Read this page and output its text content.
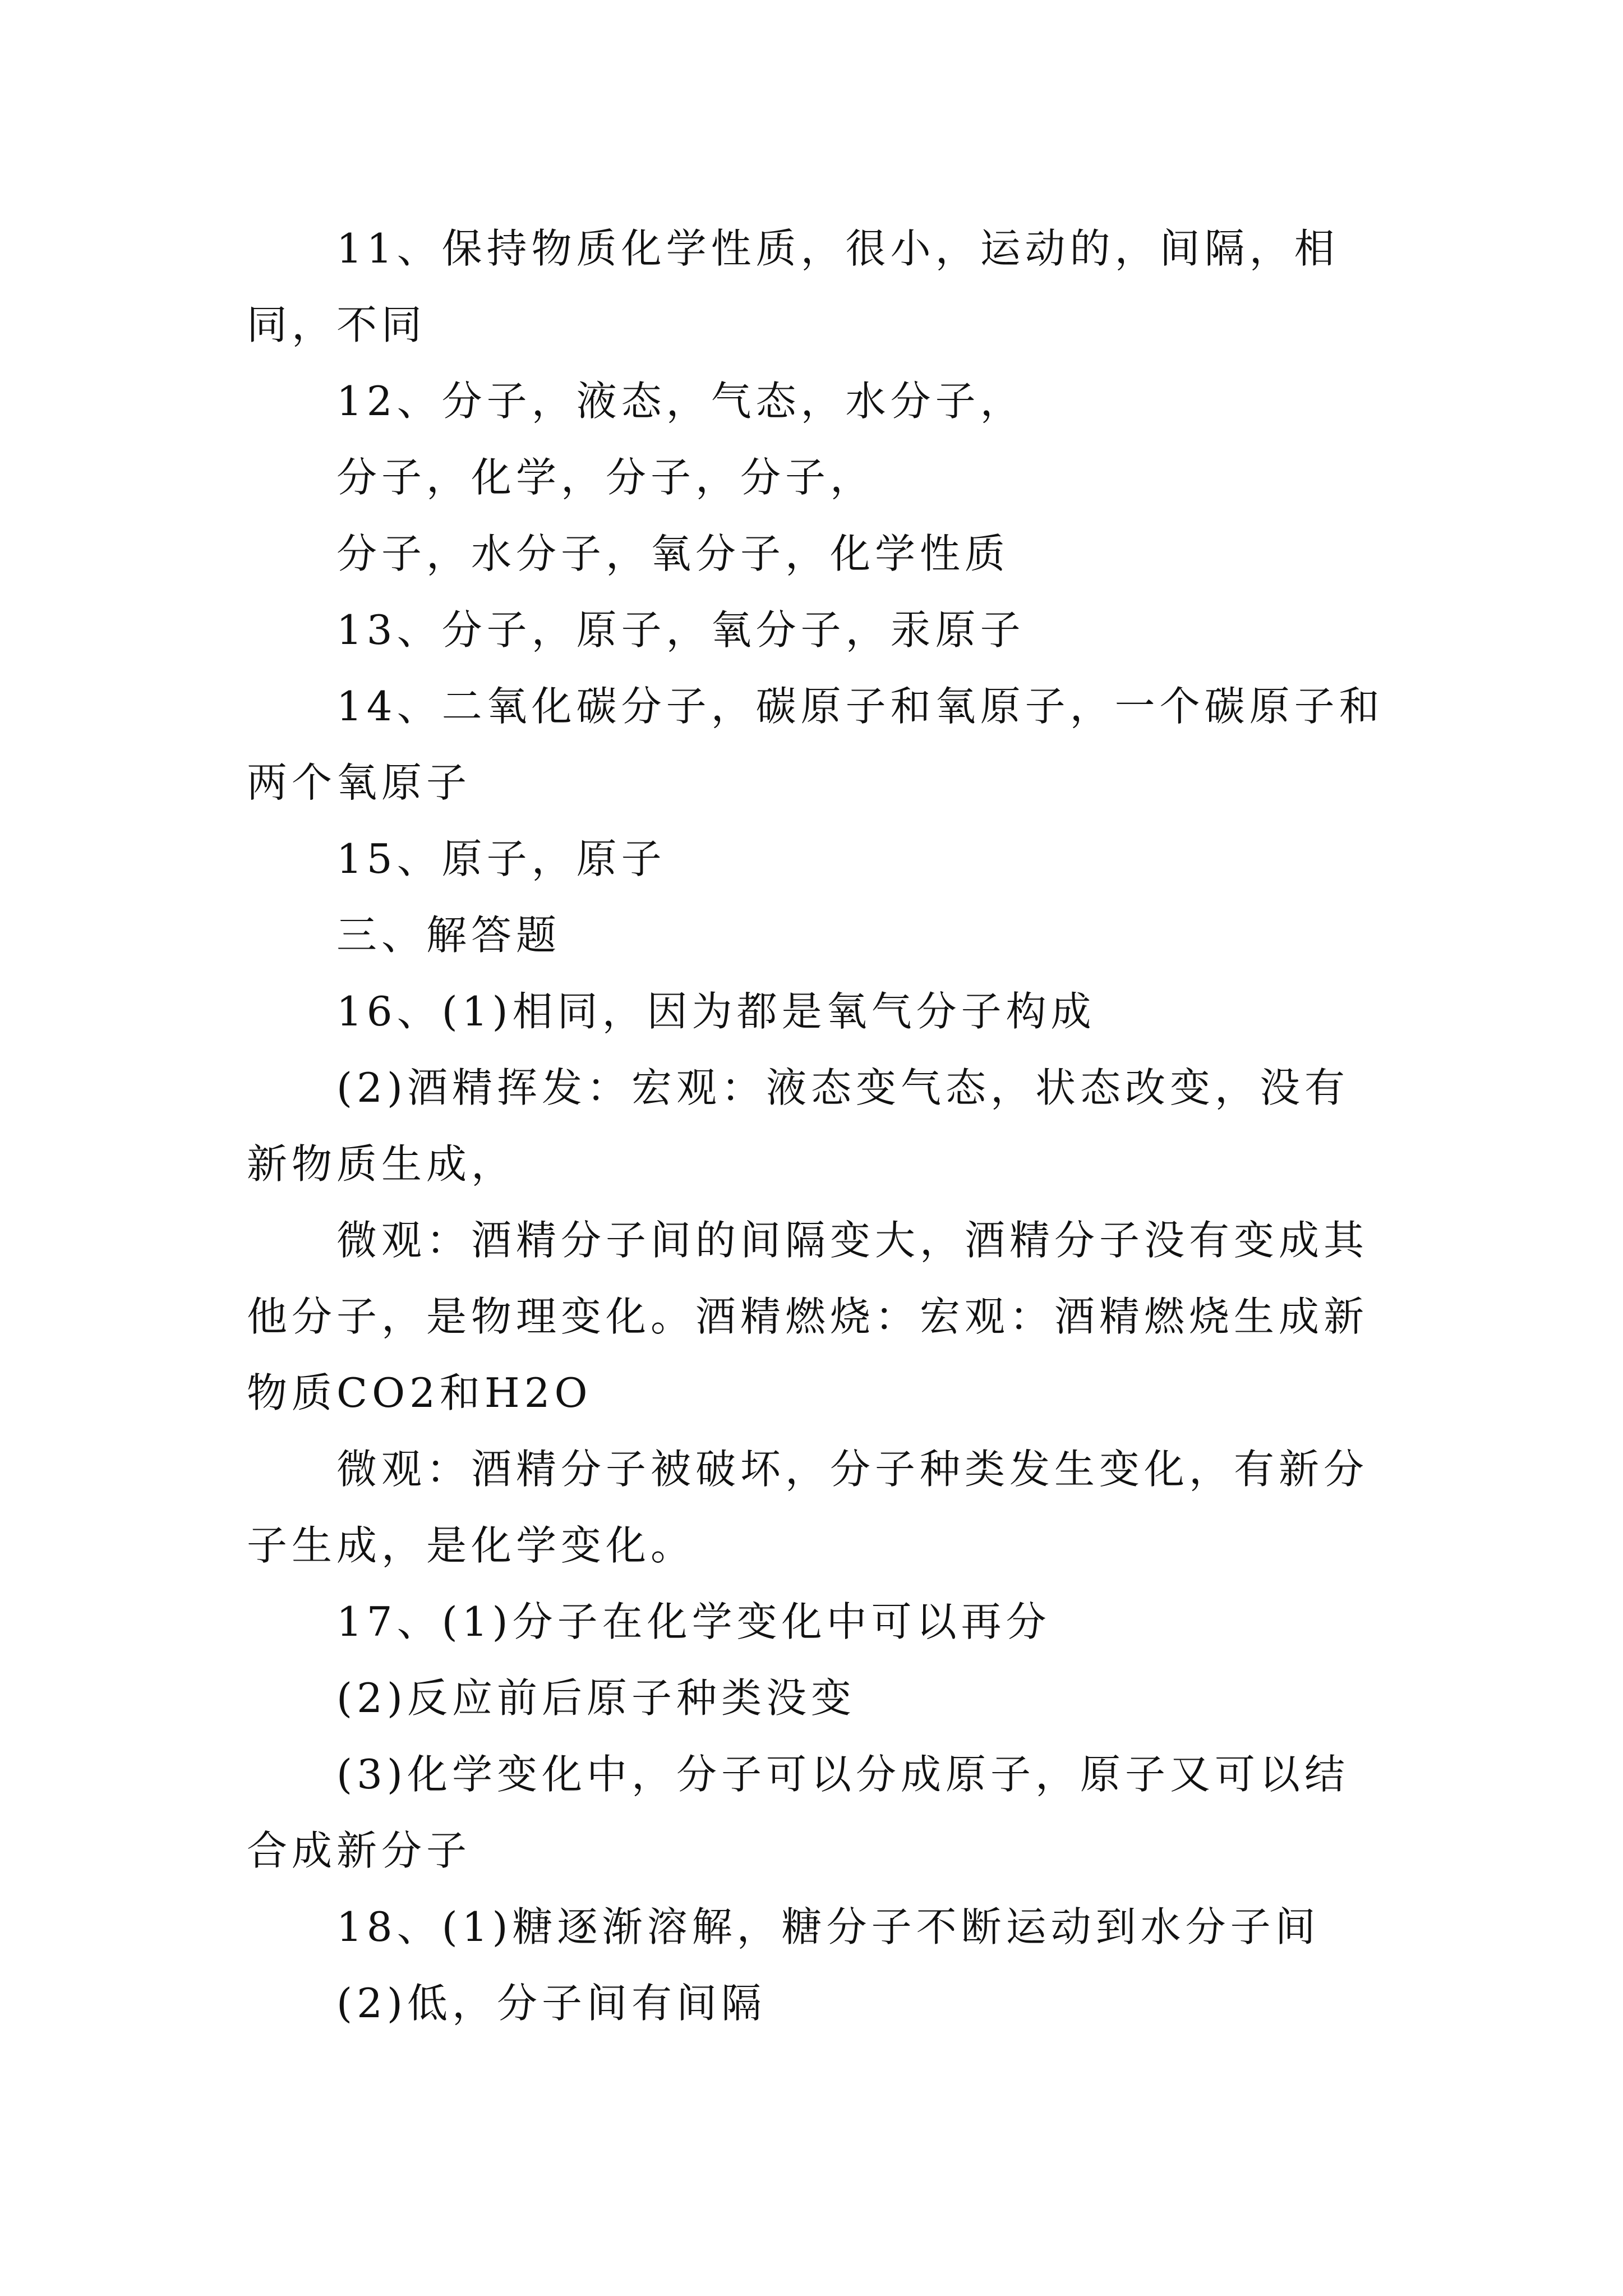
11、保持物质化学性质，很小，运动的，间隔，相同，不同

12、分子，液态，气态，水分子，

分子，化学，分子，分子，

分子，水分子，氧分子，化学性质

13、分子，原子，氧分子，汞原子

14、二氧化碳分子，碳原子和氧原子，一个碳原子和两个氧原子

15、原子，原子

三、解答题

16、(1)相同，因为都是氧气分子构成

(2)酒精挥发：宏观：液态变气态，状态改变，没有新物质生成，

微观：酒精分子间的间隔变大，酒精分子没有变成其他分子，是物理变化。酒精燃烧：宏观：酒精燃烧生成新物质CO2和H2O

微观：酒精分子被破坏，分子种类发生变化，有新分子生成，是化学变化。

17、(1)分子在化学变化中可以再分

(2)反应前后原子种类没变

(3)化学变化中，分子可以分成原子，原子又可以结合成新分子

18、(1)糖逐渐溶解，糖分子不断运动到水分子间

(2)低，分子间有间隔
